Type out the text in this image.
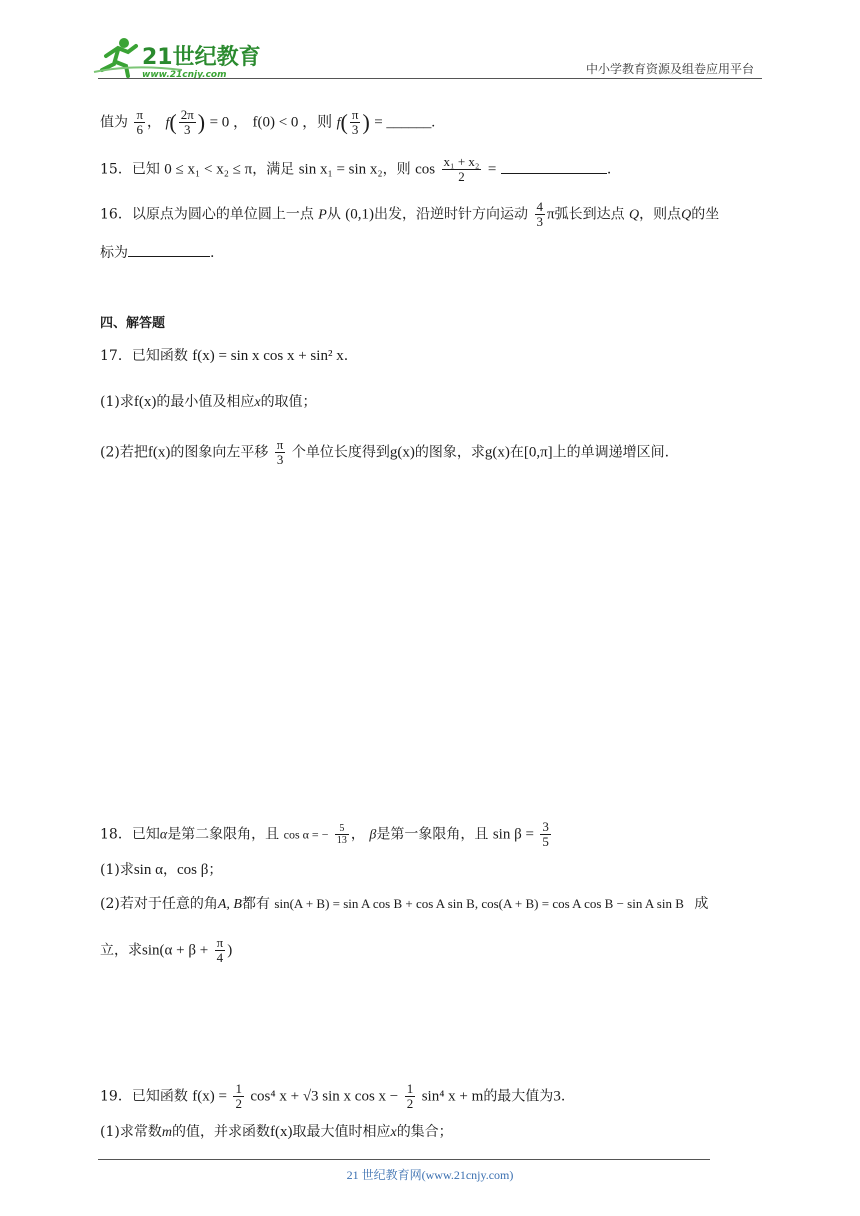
21世纪教育
www.21cnjy.com	中小学教育资源及组卷应用平台
值为 $\frac{\pi}{6}$ ， $f( \frac{2\pi}{3}$ ) = 0 ， f(0) < 0 ，则 $f( \frac{\pi}{3}$ ) = ______.
15．已知 0 ≤ x₁ < x₂ ≤ π，满足 sin x₁ = sin x₂，则 $\cos \frac{\text{x₁ + x₂}}{2}$ =	.
16．以原点为圆心的单位圆上一点 P从 (0,1)出发，沿逆时针方向运动 $\frac{4}{3}$ π弧长到达点 Q，则点Q的坐
标为	.
四、解答题
17．已知函数 f(x) = sin x cos x + sin² x.
(1)求f(x)的最小值及相应x的取值；
(2)若把f(x)的图象向左平移 $\frac{\pi}{3}$ 个单位长度得到g(x)的图象，求g(x)在[0,π]上的单调递增区间.
18．已知α是第二象限角，且 cos α = − $\frac{5}{13}$ ， β是第一象限角，且 $\sin \beta = \frac{3}{5}$
(1)求sin α，cos β；
(2)若对于任意的角A, B都有 sin(A + B) = sin A cos B + cos A sin B, cos(A + B) = cos A cos B − sin A sin B 成
立，求$\sin(\alpha + \beta + \frac{\pi}{4}$ )
19．已知函数 $f(x) = \frac{1}{2} \cos^4$ x + √3 sin x $\cos x - \frac{1}{2} \sin^4$ x + m的最大值为3.
(1)求常数m的值，并求函数f(x)取最大值时相应x的集合；
21 世纪教育网(www.21cnjy.com)
